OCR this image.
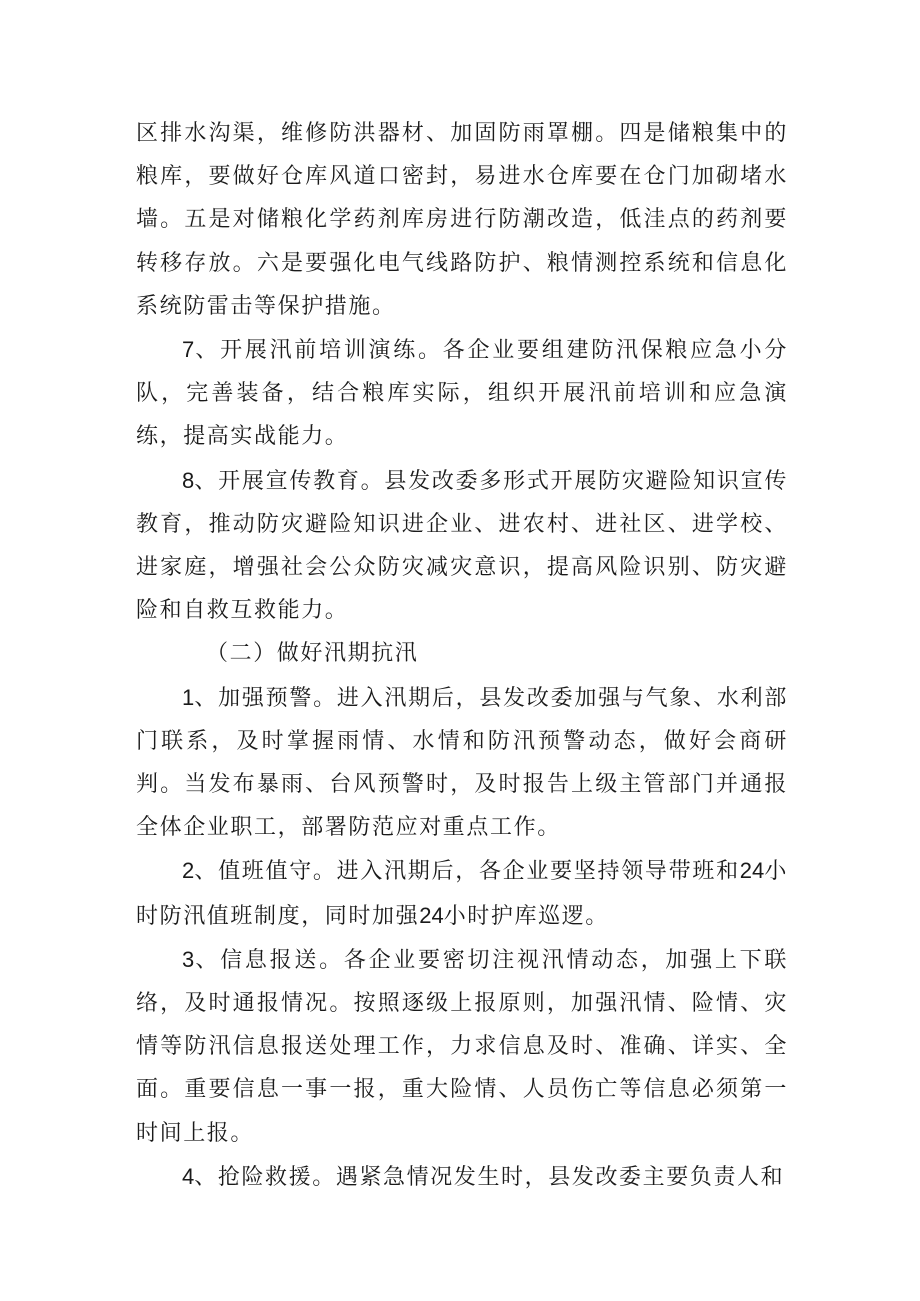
区排水沟渠，维修防洪器材、加固防雨罩棚。四是储粮集中的粮库，要做好仓库风道口密封，易进水仓库要在仓门加砌堵水墙。五是对储粮化学药剂库房进行防潮改造，低洼点的药剂要转移存放。六是要强化电气线路防护、粮情测控系统和信息化系统防雷击等保护措施。

7、开展汛前培训演练。各企业要组建防汛保粮应急小分队，完善装备，结合粮库实际，组织开展汛前培训和应急演练，提高实战能力。

8、开展宣传教育。县发改委多形式开展防灾避险知识宣传教育，推动防灾避险知识进企业、进农村、进社区、进学校、进家庭，增强社会公众防灾减灾意识，提高风险识别、防灾避险和自救互救能力。

（二）做好汛期抗汛

1、加强预警。进入汛期后，县发改委加强与气象、水利部门联系，及时掌握雨情、水情和防汛预警动态，做好会商研判。当发布暴雨、台风预警时，及时报告上级主管部门并通报全体企业职工，部署防范应对重点工作。

2、值班值守。进入汛期后，各企业要坚持领导带班和24小时防汛值班制度，同时加强24小时护库巡逻。

3、信息报送。各企业要密切注视汛情动态，加强上下联络，及时通报情况。按照逐级上报原则，加强汛情、险情、灾情等防汛信息报送处理工作，力求信息及时、准确、详实、全面。重要信息一事一报，重大险情、人员伤亡等信息必须第一时间上报。

4、抢险救援。遇紧急情况发生时，县发改委主要负责人和
